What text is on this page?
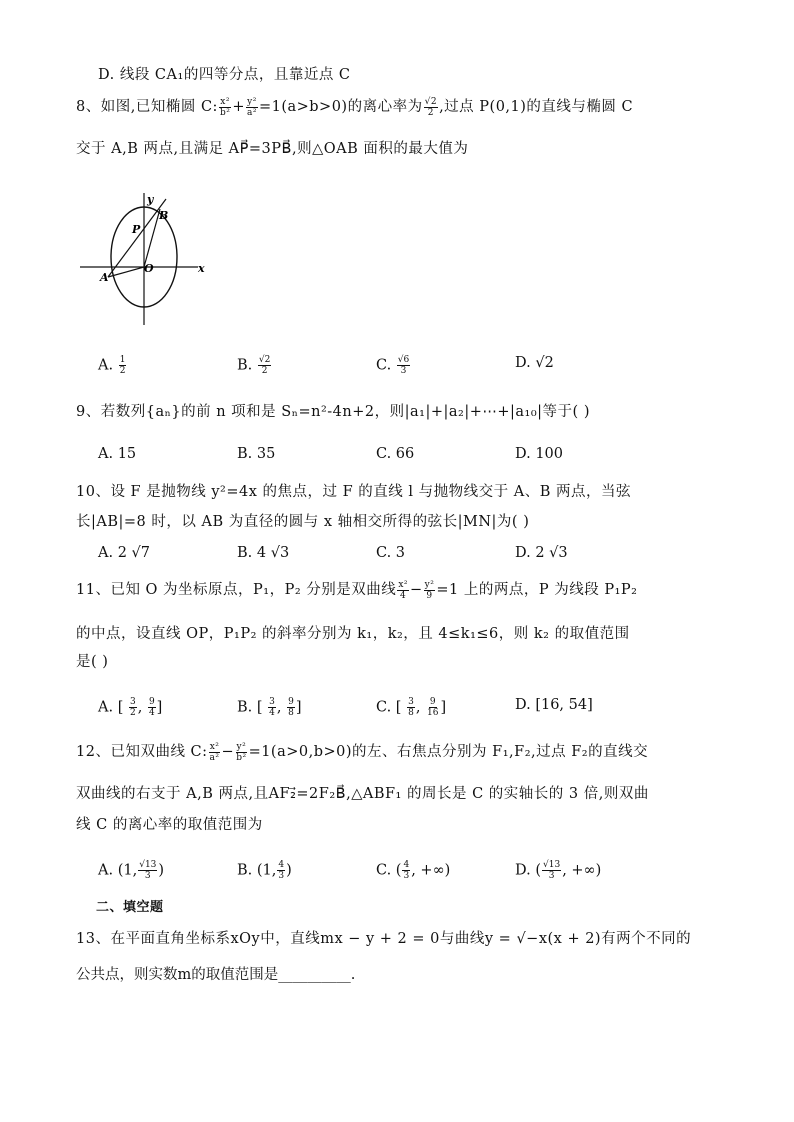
D. 线段 CA₁的四等分点，且靠近点 C
8、如图,已知椭圆 C: $\frac{\text{x²}}{\text{b²}} + \frac{\text{y²}}{\text{a²}} =1(a>b>0)$的离心率为 $\frac{√2}{2}$ ,过点 P(0,1)的直线与椭圆 C
交于 A,B 两点,且满足 AP⃗=3PB⃗,则△OAB 面积的最大值为
y
x
B
P
A
O
A. $\frac{1}{2}$	B. $\frac{√2}{2}$	C. $\frac{√6}{3}$	D. √2
9、若数列{aₙ}的前 n 项和是 Sₙ=n²-4n+2，则|a₁|+|a₂|+⋯+|a₁₀|等于( )
A. 15	B. 35	C. 66	D. 100
10、设 F 是抛物线 y²=4x 的焦点，过 F 的直线 l 与抛物线交于 A、B 两点，当弦
长|AB|=8 时，以 AB 为直径的圆与 x 轴相交所得的弦长|MN|为( )
A. 2 √7	B. 4 √3	C. 3	D. 2 √3
11、已知 O 为坐标原点，P₁，P₂ 分别是双曲线 $\frac{\text{x²}}{4} - \frac{\text{y²}}{9} =1$ 上的两点，P 为线段 P₁P₂
的中点，设直线 OP，P₁P₂ 的斜率分别为 k₁，k₂，且 4≤k₁≤6，则 k₂ 的取值范围
是( )
A. [ $\frac{3}{2}$ , $\frac{9}{4}$ ]	B. [ $\frac{3}{4}$ , $\frac{9}{8}$ ]	C. [ $\frac{3}{8}$ , $\frac{9}{16}$ ]	D. [16, 54]
12、已知双曲线 C: $\frac{\text{x²}}{\text{a²}} - \frac{\text{y²}}{\text{b²}} =1(a>0,b>0)$的左、右焦点分别为 F₁,F₂,过点 F₂的直线交
双曲线的右支于 A,B 两点,且AF₂⃗=2F₂B⃗,△ABF₁ 的周长是 C 的实轴长的 3 倍,则双曲
线 C 的离心率的取值范围为
A. (1, $\frac{√13}{3}$ )	B. (1, $\frac{4}{3}$ )	C. ( $\frac{4}{3}$ , +∞)	D. ( $\frac{√13}{3}$ , +∞)
二、填空题
13、在平面直角坐标系xOy中，直线mx − y + 2 = 0与曲线y = √−x(x + 2)有两个不同的
公共点，则实数m的取值范围是__________.
